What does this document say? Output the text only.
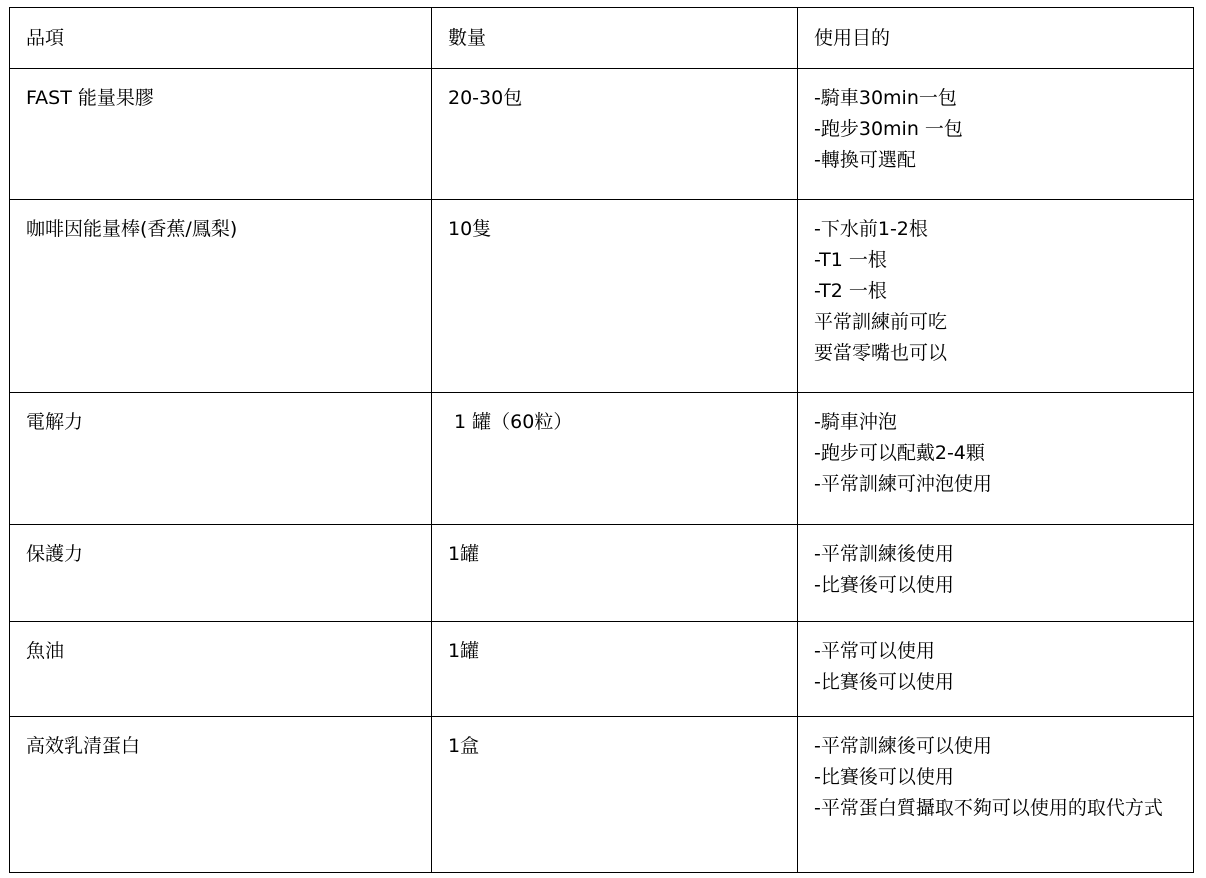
品項	數量	使用目的
FAST 能量果膠	20-30包	-騎車30min一包
-跑步30min 一包
-轉換可選配

咖啡因能量棒(香蕉/鳳梨)	10隻	-下水前1-2根
-T1 一根
-T2 一根
平常訓練前可吃
要當零嘴也可以

電解力	1 罐（60粒）	-騎車沖泡
-跑步可以配戴2-4顆
-平常訓練可沖泡使用

保護力	1罐	-平常訓練後使用
-比賽後可以使用

魚油	1罐	-平常可以使用
-比賽後可以使用

高效乳清蛋白	1盒	-平常訓練後可以使用
-比賽後可以使用
-平常蛋白質攝取不夠可以使用的取代方式
